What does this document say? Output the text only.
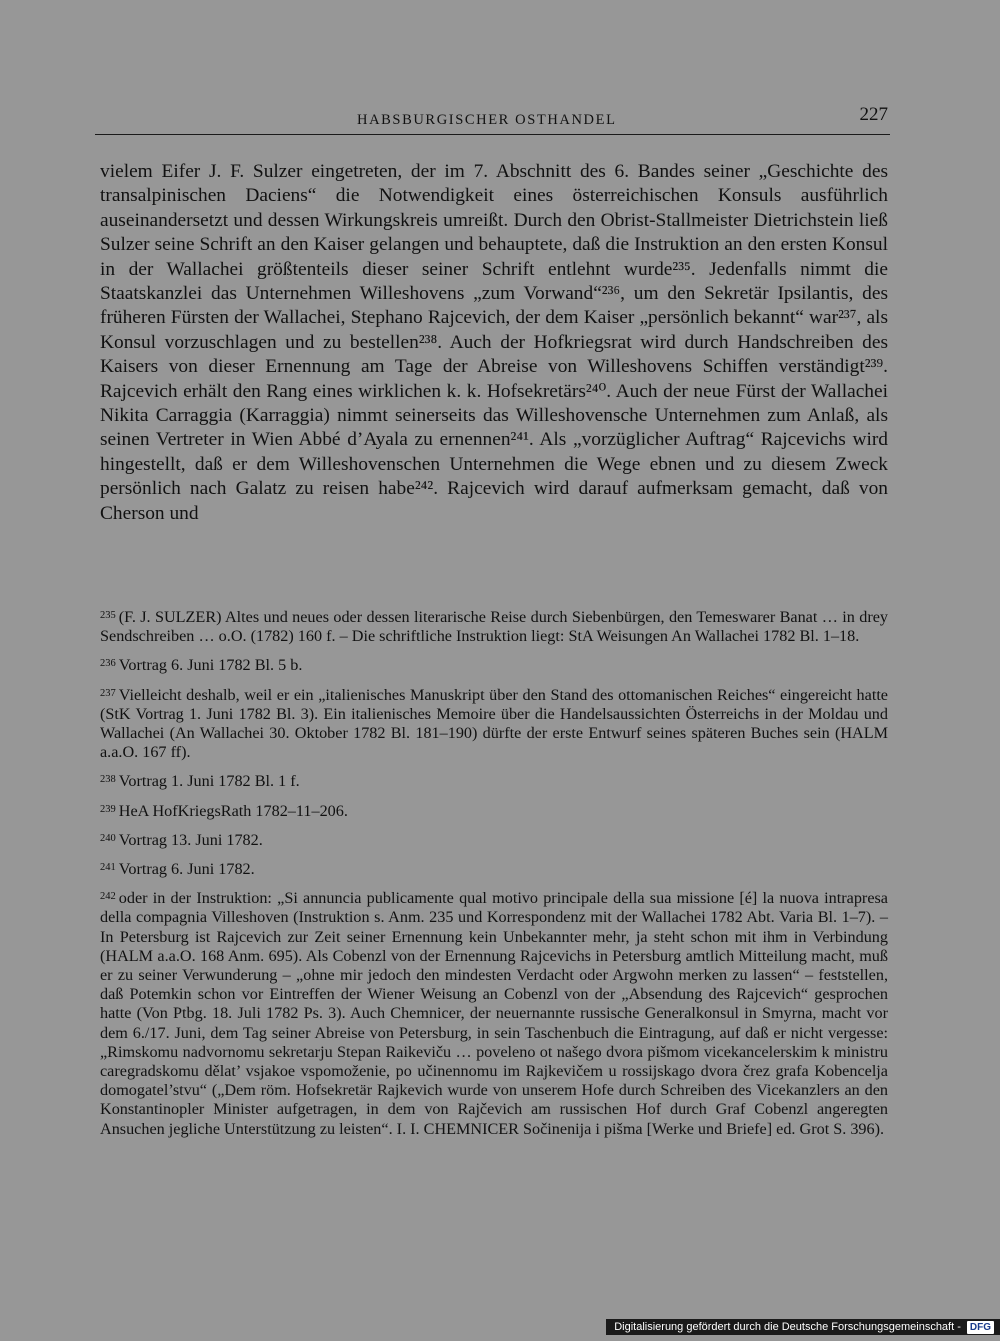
HABSBURGISCHER OSTHANDEL	227
vielem Eifer J. F. Sulzer eingetreten, der im 7. Abschnitt des 6. Bandes seiner „Geschichte des transalpinischen Daciens“ die Notwendigkeit eines österreichischen Konsuls ausführlich auseinandersetzt und dessen Wirkungskreis umreißt. Durch den Obrist-Stallmeister Dietrichstein ließ Sulzer seine Schrift an den Kaiser gelangen und behauptete, daß die Instruktion an den ersten Konsul in der Wallachei größtenteils dieser seiner Schrift entlehnt wurde²³⁵. Jedenfalls nimmt die Staatskanzlei das Unternehmen Willeshovens „zum Vorwand“²³⁶, um den Sekretär Ipsilantis, des früheren Fürsten der Wallachei, Stephano Rajcevich, der dem Kaiser „persönlich bekannt“ war²³⁷, als Konsul vorzuschlagen und zu bestellen²³⁸. Auch der Hofkriegsrat wird durch Handschreiben des Kaisers von dieser Ernennung am Tage der Abreise von Willeshovens Schiffen verständigt²³⁹. Rajcevich erhält den Rang eines wirklichen k. k. Hofsekretärs²⁴⁰. Auch der neue Fürst der Wallachei Nikita Carraggia (Karraggia) nimmt seinerseits das Willeshovensche Unternehmen zum Anlaß, als seinen Vertreter in Wien Abbé d’Ayala zu ernennen²⁴¹. Als „vorzüglicher Auftrag“ Rajcevichs wird hingestellt, daß er dem Willeshovenschen Unternehmen die Wege ebnen und zu diesem Zweck persönlich nach Galatz zu reisen habe²⁴². Rajcevich wird darauf aufmerksam gemacht, daß von Cherson und
$^{235}$ (F. J. SULZER) Altes und neues oder dessen literarische Reise durch Siebenbürgen, den Temeswarer Banat … in drey Sendschreiben … o.O. (1782) 160 f. – Die schriftliche Instruktion liegt: StA Weisungen An Wallachei 1782 Bl. 1–18.
$^{236}$ Vortrag 6. Juni 1782 Bl. 5 b.
$^{237}$ Vielleicht deshalb, weil er ein „italienisches Manuskript über den Stand des ottomanischen Reiches“ eingereicht hatte (StK Vortrag 1. Juni 1782 Bl. 3). Ein italienisches Memoire über die Handelsaussichten Österreichs in der Moldau und Wallachei (An Wallachei 30. Oktober 1782 Bl. 181–190) dürfte der erste Entwurf seines späteren Buches sein (HALM a.a.O. 167 ff).
$^{238}$ Vortrag 1. Juni 1782 Bl. 1 f.
$^{239}$ HeA HofKriegsRath 1782–11–206.
$^{240}$ Vortrag 13. Juni 1782.
$^{241}$ Vortrag 6. Juni 1782.
$^{242}$ oder in der Instruktion: „Si annuncia publicamente qual motivo principale della sua missione [é] la nuova intrapresa della compagnia Villeshoven (Instruktion s. Anm. 235 und Korrespondenz mit der Wallachei 1782 Abt. Varia Bl. 1–7). – In Petersburg ist Rajcevich zur Zeit seiner Ernennung kein Unbekannter mehr, ja steht schon mit ihm in Verbindung (HALM a.a.O. 168 Anm. 695). Als Cobenzl von der Ernennung Rajcevichs in Petersburg amtlich Mitteilung macht, muß er zu seiner Verwunderung – „ohne mir jedoch den mindesten Verdacht oder Argwohn merken zu lassen“ – feststellen, daß Potemkin schon vor Eintreffen der Wiener Weisung an Cobenzl von der „Absendung des Rajcevich“ gesprochen hatte (Von Ptbg. 18. Juli 1782 Ps. 3). Auch Chemnicer, der neuernannte russische Generalkonsul in Smyrna, macht vor dem 6./17. Juni, dem Tag seiner Abreise von Petersburg, in sein Taschenbuch die Eintragung, auf daß er nicht vergesse: „Rimskomu nadvornomu sekretarju Stepan Raikeviču … poveleno ot našego dvora pišmom vicekancelerskim k ministru caregradskomu dělat’ vsjakoe vspomoženie, po učinennomu im Rajkevičem u rossijskago dvora črez grafa Kobencelja domogatel’stvu“ („Dem röm. Hofsekretär Rajkevich wurde von unserem Hofe durch Schreiben des Vicekanzlers an den Konstantinopler Minister aufgetragen, in dem von Rajčevich am russischen Hof durch Graf Cobenzl angeregten Ansuchen jegliche Unterstützung zu leisten“. I. I. CHEMNICER Sočinenija i pišma [Werke und Briefe] ed. Grot S. 396).
Digitalisierung gefördert durch die Deutsche Forschungsgemeinschaft - DFG
